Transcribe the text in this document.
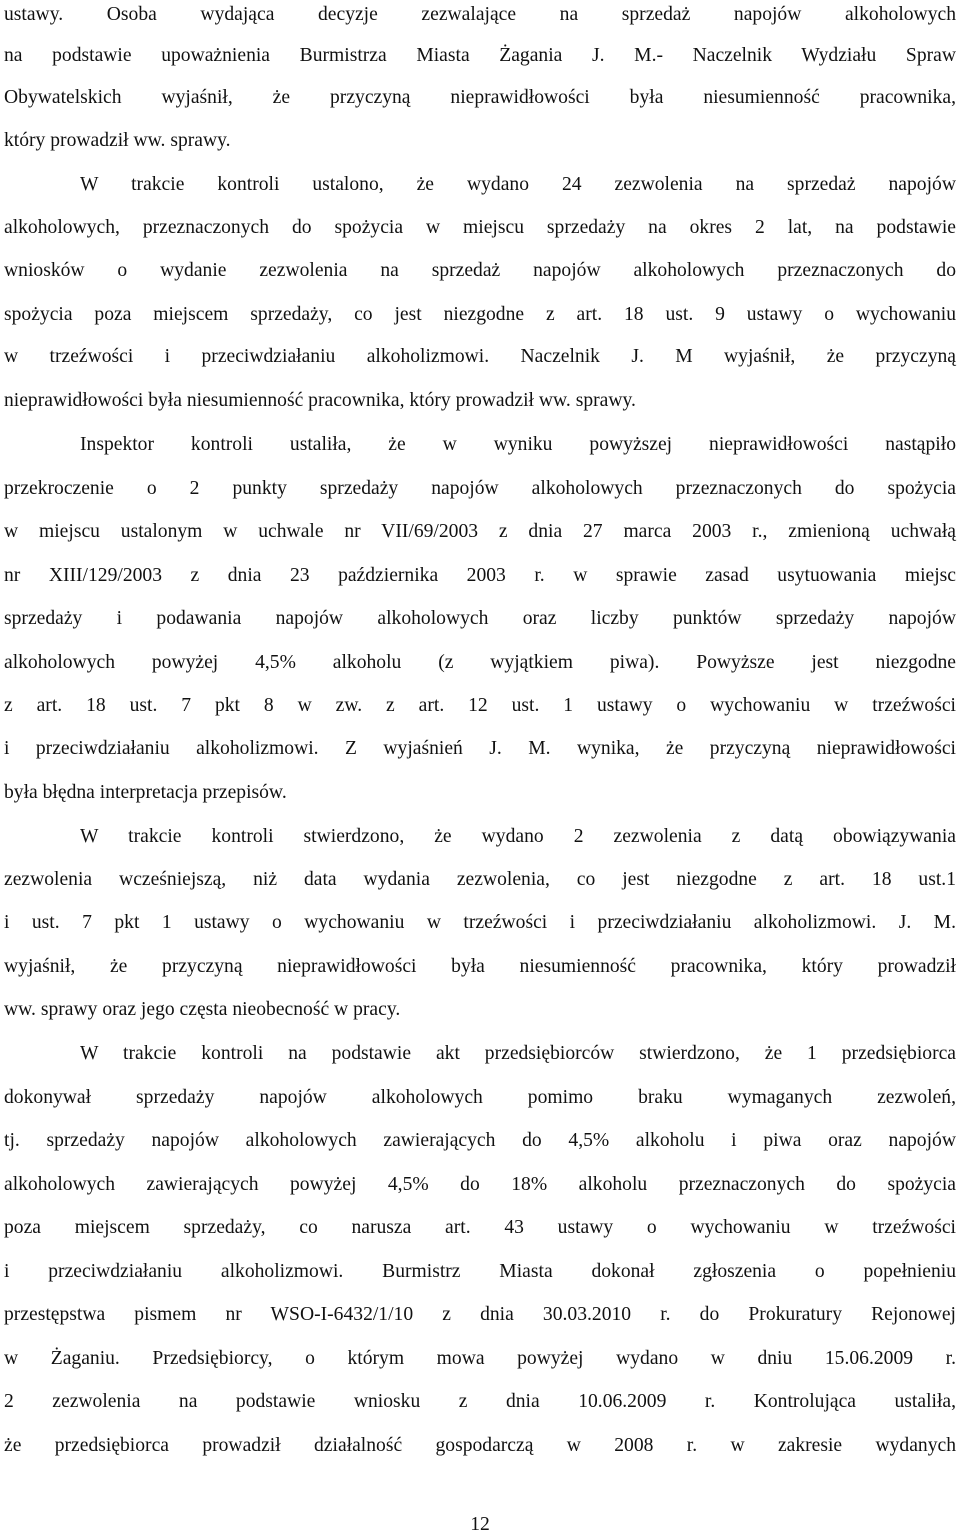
ustawy. Osoba wydająca decyzje zezwalające na sprzedaż napojów alkoholowych
na podstawie upoważnienia Burmistrza Miasta Żagania J. M.- Naczelnik Wydziału Spraw
Obywatelskich wyjaśnił, że przyczyną nieprawidłowości była niesumienność pracownika,
który prowadził ww. sprawy.
W trakcie kontroli ustalono, że wydano 24 zezwolenia na sprzedaż napojów
alkoholowych, przeznaczonych do spożycia w miejscu sprzedaży na okres 2 lat, na podstawie
wniosków o wydanie zezwolenia na sprzedaż napojów alkoholowych przeznaczonych do
spożycia poza miejscem sprzedaży, co jest niezgodne z art. 18 ust. 9 ustawy o wychowaniu
w trzeźwości i przeciwdziałaniu alkoholizmowi. Naczelnik J. M wyjaśnił, że przyczyną
nieprawidłowości była niesumienność pracownika, który prowadził ww. sprawy.
Inspektor kontroli ustaliła, że w wyniku powyższej nieprawidłowości nastąpiło
przekroczenie o 2 punkty sprzedaży napojów alkoholowych przeznaczonych do spożycia
w miejscu ustalonym w uchwale nr VII/69/2003 z dnia 27 marca 2003 r., zmienioną uchwałą
nr XIII/129/2003 z dnia 23 października 2003 r. w sprawie zasad usytuowania miejsc
sprzedaży i podawania napojów alkoholowych oraz liczby punktów sprzedaży napojów
alkoholowych powyżej 4,5% alkoholu (z wyjątkiem piwa). Powyższe jest niezgodne
z art. 18 ust. 7 pkt 8 w zw. z art. 12 ust. 1 ustawy o wychowaniu w trzeźwości
i przeciwdziałaniu alkoholizmowi. Z wyjaśnień J. M. wynika, że przyczyną nieprawidłowości
była błędna interpretacja przepisów.
W trakcie kontroli stwierdzono, że wydano 2 zezwolenia z datą obowiązywania
zezwolenia wcześniejszą, niż data wydania zezwolenia, co jest niezgodne z art. 18 ust.1
i ust. 7 pkt 1 ustawy o wychowaniu w trzeźwości i przeciwdziałaniu alkoholizmowi. J. M.
wyjaśnił, że przyczyną nieprawidłowości była niesumienność pracownika, który prowadził
ww. sprawy oraz jego częsta nieobecność w pracy.
W trakcie kontroli na podstawie akt przedsiębiorców stwierdzono, że 1 przedsiębiorca
dokonywał sprzedaży napojów alkoholowych pomimo braku wymaganych zezwoleń,
tj. sprzedaży napojów alkoholowych zawierających do 4,5% alkoholu i piwa oraz napojów
alkoholowych zawierających powyżej 4,5% do 18% alkoholu przeznaczonych do spożycia
poza miejscem sprzedaży, co narusza art. 43 ustawy o wychowaniu w trzeźwości
i przeciwdziałaniu alkoholizmowi. Burmistrz Miasta dokonał zgłoszenia o popełnieniu
przestępstwa pismem nr WSO-I-6432/1/10 z dnia 30.03.2010 r. do Prokuratury Rejonowej
w Żaganiu. Przedsiębiorcy, o którym mowa powyżej wydano w dniu 15.06.2009 r.
2 zezwolenia na podstawie wniosku z dnia 10.06.2009 r. Kontrolująca ustaliła,
że przedsiębiorca prowadził działalność gospodarczą w 2008 r. w zakresie wydanych
12
